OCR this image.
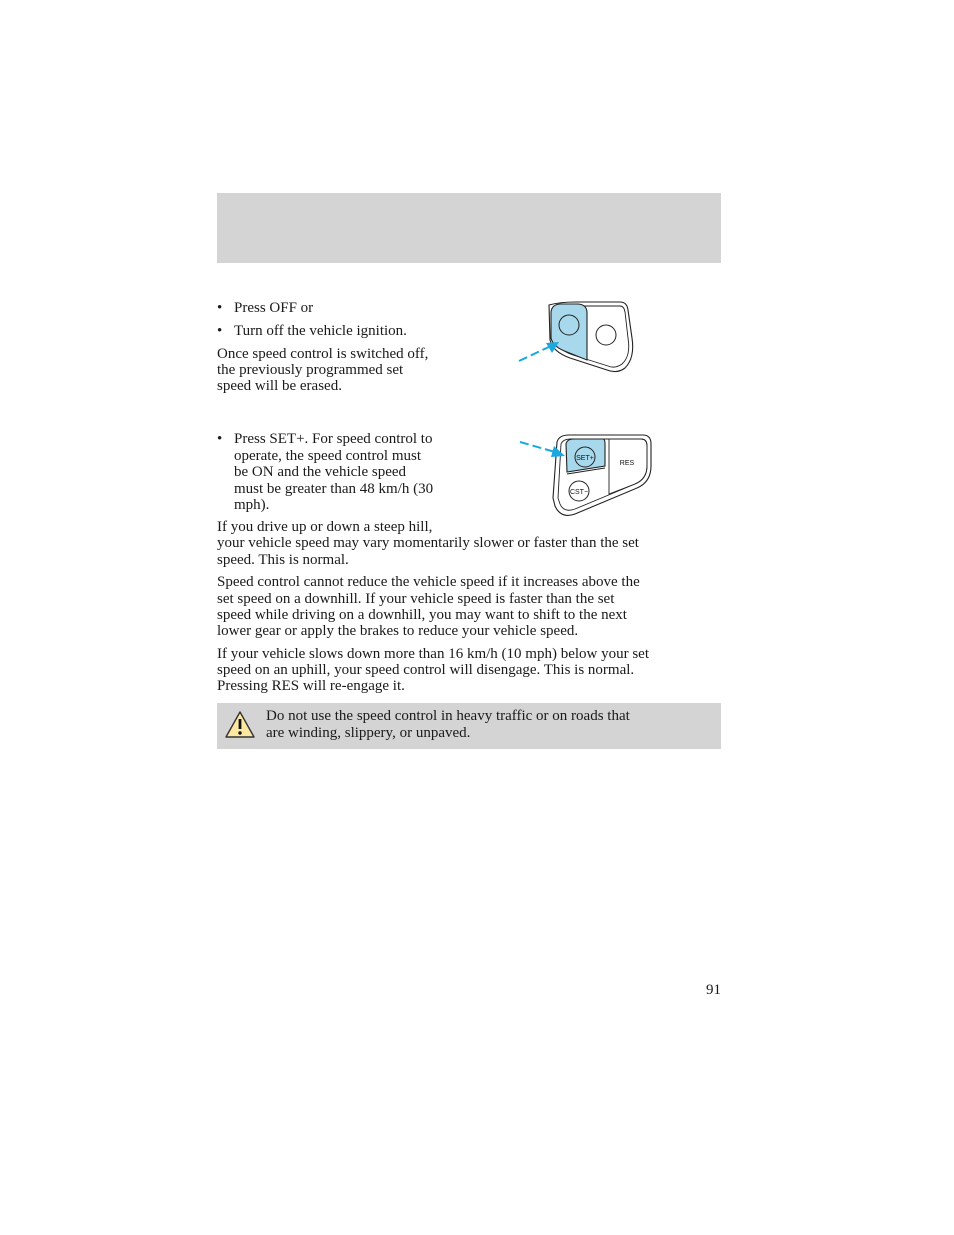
• Press OFF or
• Turn off the vehicle ignition.
Once speed control is switched off,
the previously programmed set
speed will be erased.
• Press SET+. For speed control to
operate, the speed control must
be ON and the vehicle speed
must be greater than 48 km/h (30
mph).
SET+
CST−
RES
If you drive up or down a steep hill,
your vehicle speed may vary momentarily slower or faster than the set
speed. This is normal.
Speed control cannot reduce the vehicle speed if it increases above the
set speed on a downhill. If your vehicle speed is faster than the set
speed while driving on a downhill, you may want to shift to the next
lower gear or apply the brakes to reduce your vehicle speed.
If your vehicle slows down more than 16 km/h (10 mph) below your set
speed on an uphill, your speed control will disengage. This is normal.
Pressing RES will re-engage it.
Do not use the speed control in heavy traffic or on roads that
are winding, slippery, or unpaved.
91
